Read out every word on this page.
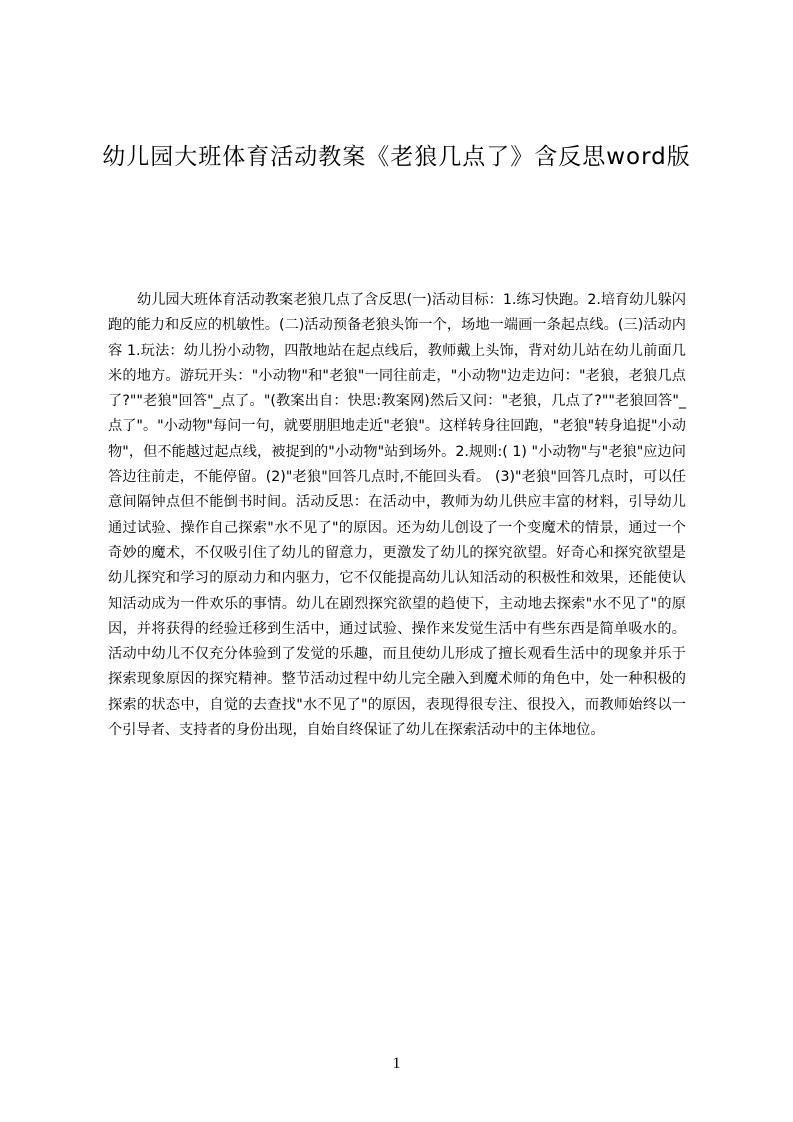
幼儿园大班体育活动教案《老狼几点了》含反思word版

幼儿园大班体育活动教案老狼几点了含反思(一)活动目标：1.练习快跑。2.培育幼儿躲闪跑的能力和反应的机敏性。(二)活动预备老狼头饰一个，场地一端画一条起点线。(三)活动内容 1.玩法：幼儿扮小动物，四散地站在起点线后，教师戴上头饰，背对幼儿站在幼儿前面几米的地方。游玩开头："小动物"和"老狼"一同往前走，"小动物"边走边问："老狼，老狼几点了?""老狼"回答"_点了。"(教案出自：快思:教案网)然后又问："老狼，几点了?""老狼回答"_点了"。"小动物"每问一句，就要朋胆地走近"老狼"。这样转身往回跑，"老狼"转身追捉"小动物"，但不能越过起点线，被捉到的"小动物"站到场外。2.规则:( 1) "小动物"与"老狼"应边问答边往前走，不能停留。(2)"老狼"回答几点时,不能回头看。 (3)"老狼"回答几点时，可以任意间隔钟点但不能倒书时间。活动反思：在活动中，教师为幼儿供应丰富的材料，引导幼儿通过试验、操作自己探索"水不见了"的原因。还为幼儿创设了一个变魔术的情景，通过一个奇妙的魔术，不仅吸引住了幼儿的留意力，更激发了幼儿的探究欲望。好奇心和探究欲望是幼儿探究和学习的原动力和内驱力，它不仅能提高幼儿认知活动的积极性和效果，还能使认知活动成为一件欢乐的事情。幼儿在剧烈探究欲望的趋使下，主动地去探索"水不见了"的原因，并将获得的经验迁移到生活中，通过试验、操作来发觉生活中有些东西是简单吸水的。活动中幼儿不仅充分体验到了发觉的乐趣，而且使幼儿形成了擅长观看生活中的现象并乐于探索现象原因的探究精神。整节活动过程中幼儿完全融入到魔术师的角色中，处一种积极的探索的状态中，自觉的去查找"水不见了"的原因，表现得很专注、很投入，而教师始终以一个引导者、支持者的身份出现，自始自终保证了幼儿在探索活动中的主体地位。

1
